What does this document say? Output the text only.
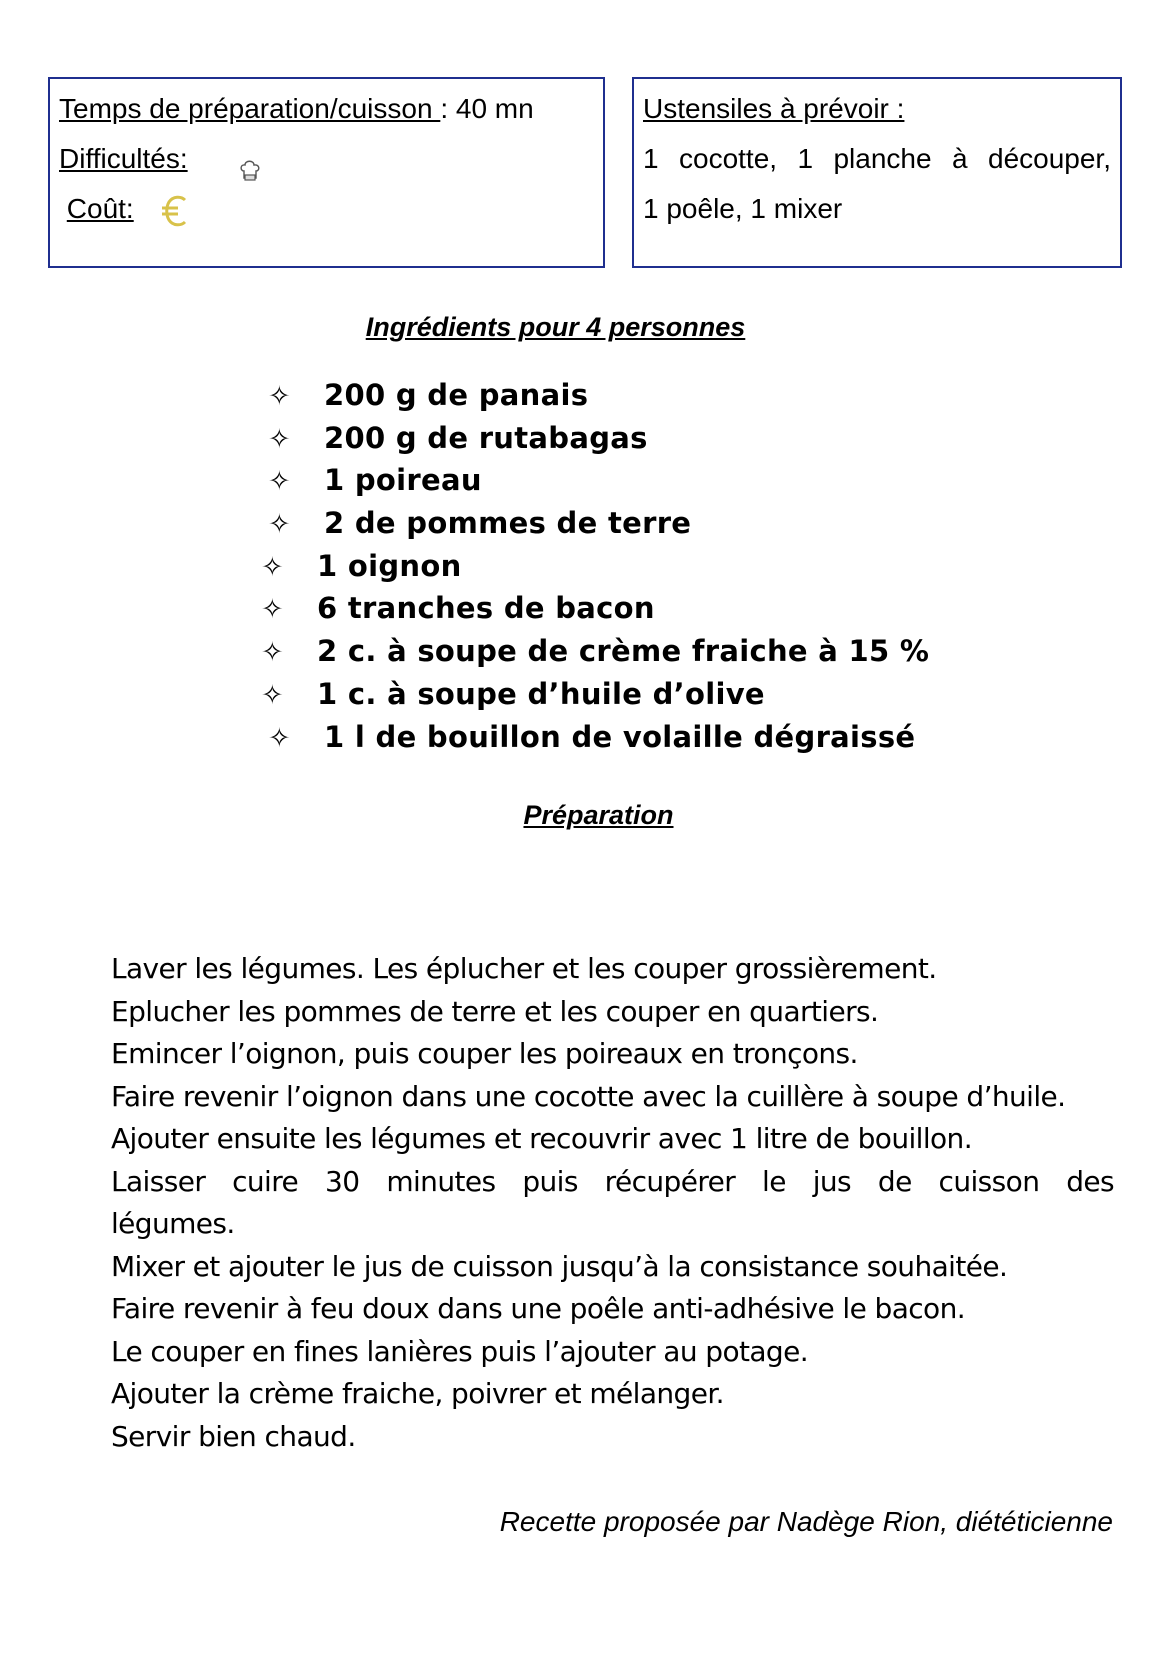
Temps de préparation/cuisson : 40 mn
Difficultés:
Coût:
Ustensiles à prévoir :
1 cocotte, 1 planche à découper,
1 poêle, 1 mixer
Ingrédients pour 4 personnes
✧ 200 g de panais
✧ 200 g de rutabagas
✧ 1 poireau
✧ 2 de pommes de terre
✧ 1 oignon
✧ 6 tranches de bacon
✧ 2 c. à soupe de crème fraiche à 15 %
✧ 1 c. à soupe d’huile d’olive
✧ 1 l de bouillon de volaille dégraissé
Préparation
Laver les légumes. Les éplucher et les couper grossièrement.
Eplucher les pommes de terre et les couper en quartiers.
Emincer l’oignon, puis couper les poireaux en tronçons.
Faire revenir l’oignon dans une cocotte avec la cuillère à soupe d’huile.
Ajouter ensuite les légumes et recouvrir avec 1 litre de bouillon.
Laisser cuire 30 minutes puis récupérer le jus de cuisson des légumes.
Mixer et ajouter le jus de cuisson jusqu’à la consistance souhaitée.
Faire revenir à feu doux dans une poêle anti-adhésive le bacon.
Le couper en fines lanières puis l’ajouter au potage.
Ajouter la crème fraiche, poivrer et mélanger.
Servir bien chaud.
Recette proposée par Nadège Rion, diététicienne
